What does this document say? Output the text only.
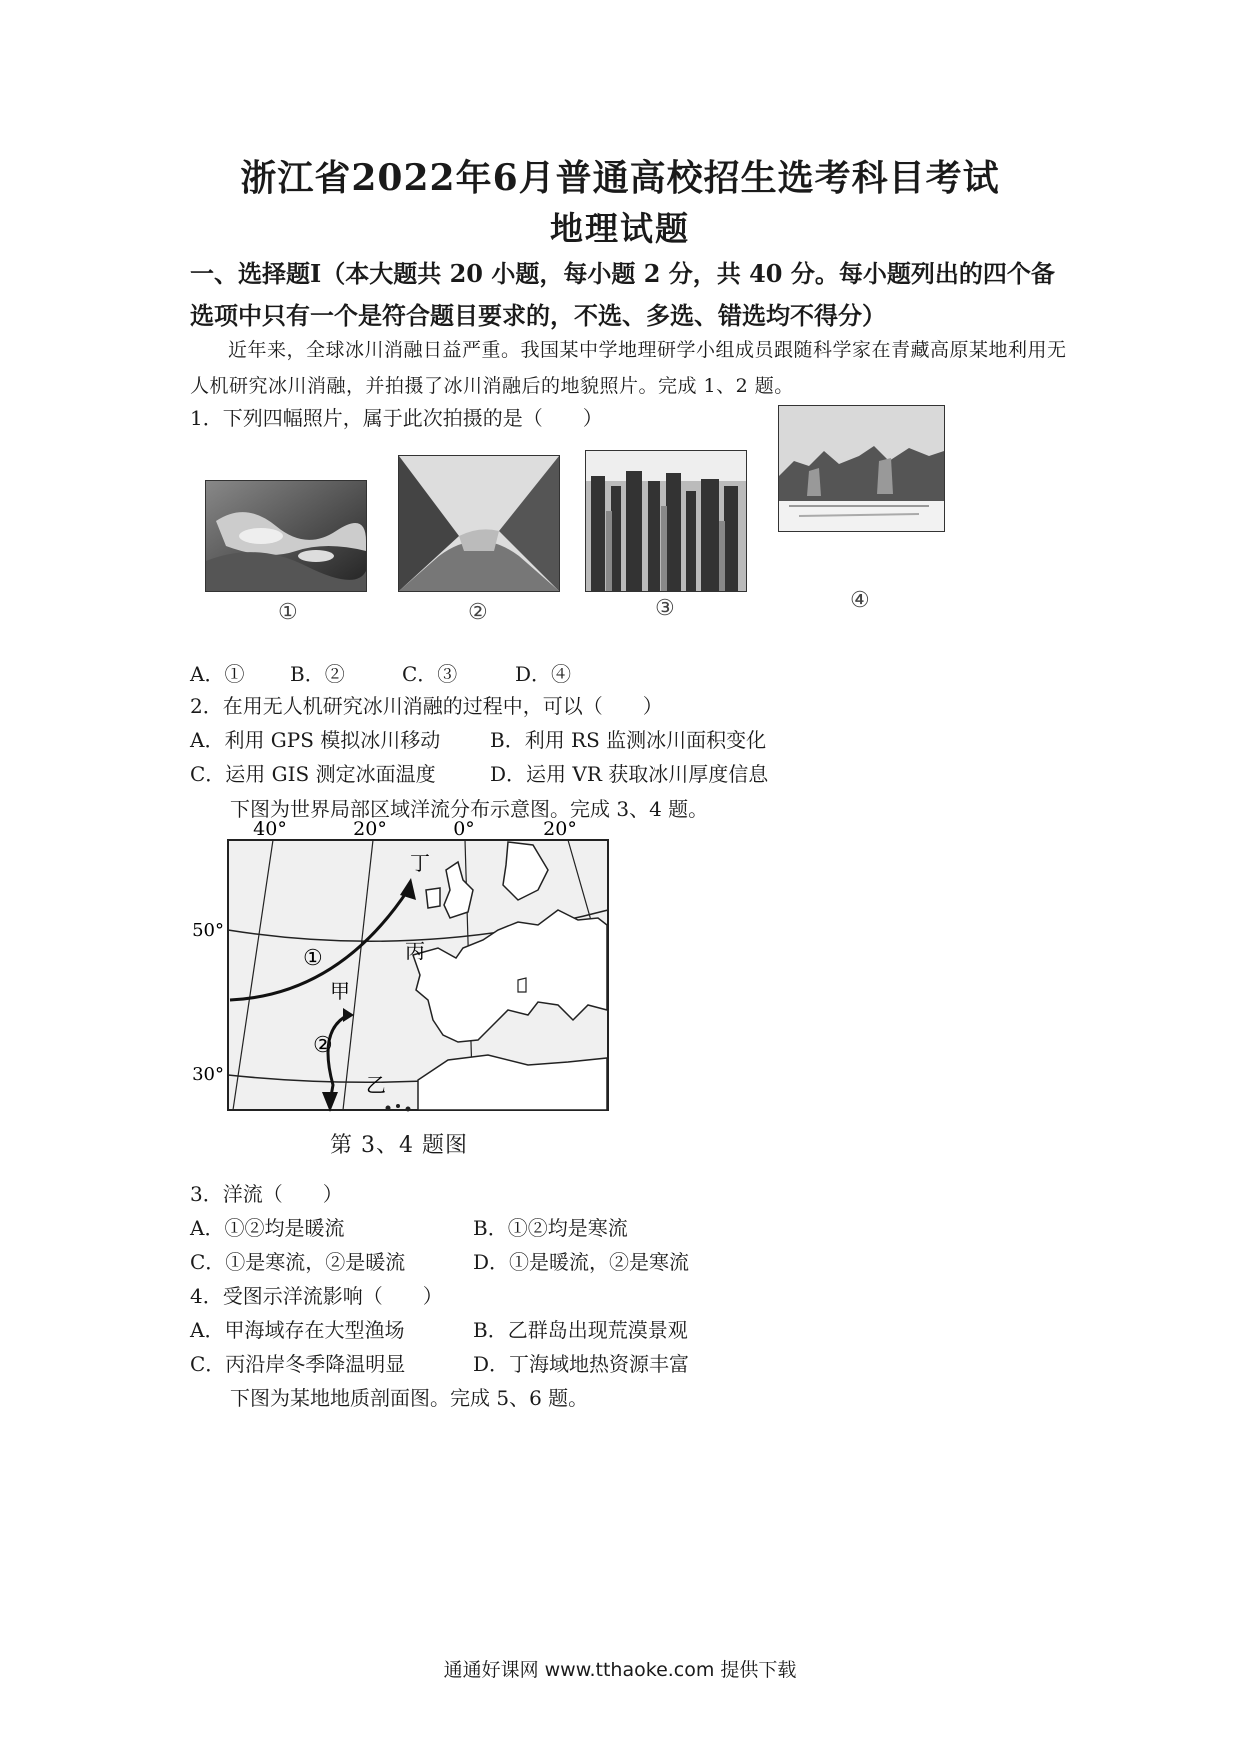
浙江省2022年6月普通高校招生选考科目考试
地理试题
一、选择题Ⅰ（本大题共 20 小题，每小题 2 分，共 40 分。每小题列出的四个备选项中只有一个是符合题目要求的，不选、多选、错选均不得分）
近年来，全球冰川消融日益严重。我国某中学地理研学小组成员跟随科学家在青藏高原某地利用无人机研究冰川消融，并拍摄了冰川消融后的地貌照片。完成 1、2 题。
1．下列四幅照片，属于此次拍摄的是（　　）
①	②	③	④
A．① B．②	C．③	D．④
2．在用无人机研究冰川消融的过程中，可以（　　）
A．利用 GPS 模拟冰川移动 B．利用 RS 监测冰川面积变化
C．运用 GIS 测定冰面温度	D．运用 VR 获取冰川厚度信息
下图为世界局部区域洋流分布示意图。完成 3、4 题。
40°	20°	0°	20°
50°
30°
丁
丙
甲
乙
①
②
第 3、4 题图
3．洋流（　　）
A．①②均是暖流	B．①②均是寒流
C．①是寒流，②是暖流	D．①是暖流，②是寒流
4．受图示洋流影响（　　）
A．甲海域存在大型渔场	B．乙群岛出现荒漠景观
C．丙沿岸冬季降温明显	D．丁海域地热资源丰富
下图为某地地质剖面图。完成 5、6 题。
通通好课网 www.tthaoke.com 提供下载
